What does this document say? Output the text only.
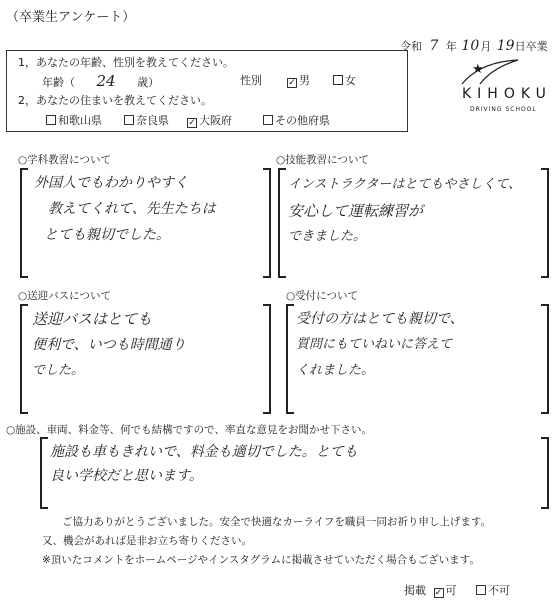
（卒業生アンケート）
令和 7 年 10月 19日卒業
1，あなたの年齢、性別を教えてください。
年齢（ 24 歳）	性別	✓ 男	女
2，あなたの住まいを教えてください。
和歌山県	奈良県 ✓ 大阪府	その他府県
★
KIHOKU
DRIVING SCHOOL
○学科教習について
外国人でもわかりやすく
教えてくれて、先生たちは
とても親切でした。
○技能教習について
インストラクターはとてもやさしくて、
安心して運転練習が
できました。
○送迎バスについて
送迎バスはとても
便利で、いつも時間通り
でした。
○受付について
受付の方はとても親切で、
質問にもていねいに答えて
くれました。
○施設、車両、料金等、何でも結構ですので、率直な意見をお聞かせ下さい。
施設も車もきれいで、料金も適切でした。とても
良い学校だと思います。
ご協力ありがとうございました。安全で快適なカーライフを職員一同お祈り申し上げます。
又、機会があれば是非お立ち寄りください。
※頂いたコメントをホームページやインスタグラムに掲載させていただく場合もございます。
掲載 ✓ 可	不可
